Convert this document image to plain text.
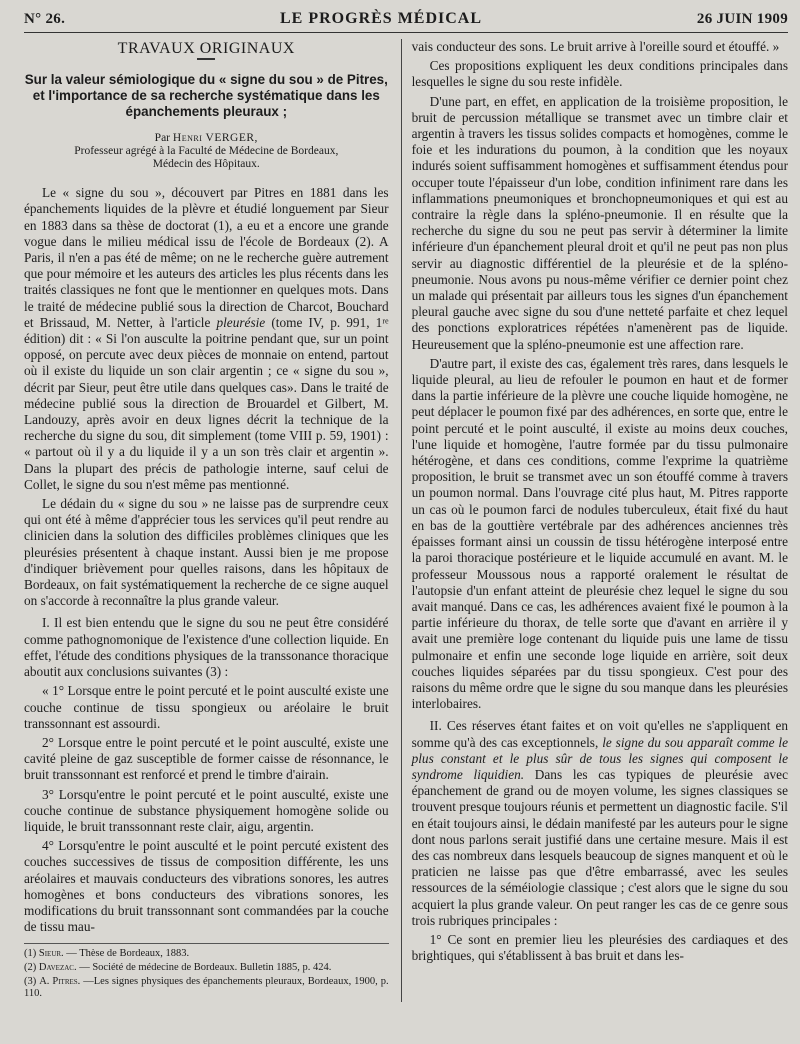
N° 26.	LE PROGRÈS MÉDICAL	26 JUIN 1909
TRAVAUX ORIGINAUX
Sur la valeur sémiologique du « signe du sou » de Pitres, et l'importance de sa recherche systématique dans les épanchements pleuraux ;
Par Henri VERGER,
Professeur agrégé à la Faculté de Médecine de Bordeaux,
Médecin des Hôpitaux.

Le « signe du sou », découvert par Pitres en 1881 dans les épanchements liquides de la plèvre et étudié longuement par Sieur en 1883 dans sa thèse de doctorat (1), a eu et a encore une grande vogue dans le milieu médical issu de l'école de Bordeaux (2). A Paris, il n'en a pas été de même; on ne le recherche guère autrement que pour mémoire et les auteurs des articles les plus récents dans les traités classiques ne font que le mentionner en quelques mots. Dans le traité de médecine publié sous la direction de Charcot, Bouchard et Brissaud, M. Netter, à l'article pleurésie (tome IV, p. 991, 1ʳᵉ édition) dit : « Si l'on ausculte la poitrine pendant que, sur un point opposé, on percute avec deux pièces de monnaie on entend, partout où il existe du liquide un son clair argentin ; ce « signe du sou », décrit par Sieur, peut être utile dans quelques cas». Dans le traité de médecine publié sous la direction de Brouardel et Gilbert, M. Landouzy, après avoir en deux lignes décrit la technique de la recherche du signe du sou, dit simplement (tome VIII p. 59, 1901) : « partout où il y a du liquide il y a un son très clair et argentin ». Dans la plupart des précis de pathologie interne, sauf celui de Collet, le signe du sou n'est même pas mentionné.

Le dédain du « signe du sou » ne laisse pas de surprendre ceux qui ont été à même d'apprécier tous les services qu'il peut rendre au clinicien dans la solution des difficiles problèmes cliniques que les pleurésies présentent à chaque instant. Aussi bien je me propose d'indiquer brièvement pour quelles raisons, dans les hôpitaux de Bordeaux, on fait systématiquement la recherche de ce signe auquel on s'accorde à reconnaître la plus grande valeur.

I. Il est bien entendu que le signe du sou ne peut être considéré comme pathognomonique de l'existence d'une collection liquide. En effet, l'étude des conditions physiques de la transsonance thoracique aboutit aux conclusions suivantes (3) :

« 1° Lorsque entre le point percuté et le point ausculté existe une couche continue de tissu spongieux ou aréolaire le bruit transsonnant est assourdi.

2° Lorsque entre le point percuté et le point ausculté, existe une cavité pleine de gaz susceptible de former caisse de résonnance, le bruit transsonnant est renforcé et prend le timbre d'airain.

3° Lorsqu'entre le point percuté et le point ausculté, existe une couche continue de substance physiquement homogène solide ou liquide, le bruit transsonnant reste clair, aigu, argentin.

4° Lorsqu'entre le point ausculté et le point percuté existent des couches successives de tissus de composition différente, les uns aréolaires et mauvais conducteurs des vibrations sonores, les autres homogènes et bons conducteurs des vibrations sonores, les modifications du bruit transsonnant sont commandées par la couche de tissu mau-

(1) Sieur. — Thèse de Bordeaux, 1883.
(2) Davezac. — Société de médecine de Bordeaux. Bulletin 1885, p. 424.
(3) A. Pitres. —Les signes physiques des épanchements pleuraux, Bordeaux, 1900, p. 110.

vais conducteur des sons. Le bruit arrive à l'oreille sourd et étouffé. »

Ces propositions expliquent les deux conditions principales dans lesquelles le signe du sou reste infidèle.

D'une part, en effet, en application de la troisième proposition, le bruit de percussion métallique se transmet avec un timbre clair et argentin à travers les tissus solides compacts et homogènes, comme le foie et les indurations du poumon, à la condition que les noyaux indurés soient suffisamment homogènes et suffisamment étendus pour occuper toute l'épaisseur d'un lobe, condition infiniment rare dans les inflammations pneumoniques et bronchopneumoniques et qui est au contraire la règle dans la spléno-pneumonie. Il en résulte que la recherche du signe du sou ne peut pas servir à déterminer la limite inférieure d'un épanchement pleural droit et qu'il ne peut pas non plus servir au diagnostic différentiel de la pleurésie et de la spléno-pneumonie. Nous avons pu nous-même vérifier ce dernier point chez un malade qui présentait par ailleurs tous les signes d'un épanchement pleural gauche avec signe du sou d'une netteté parfaite et chez lequel des ponctions exploratrices répétées n'amenèrent pas de liquide. Heureusement que la spléno-pneumonie est une affection rare.

D'autre part, il existe des cas, également très rares, dans lesquels le liquide pleural, au lieu de refouler le poumon en haut et de former dans la partie inférieure de la plèvre une couche liquide homogène, ne peut déplacer le poumon fixé par des adhérences, en sorte que, entre le point percuté et le point ausculté, il existe au moins deux couches, l'une liquide et homogène, l'autre formée par du tissu pulmonaire hétérogène, et dans ces conditions, comme l'exprime la quatrième proposition, le bruit se transmet avec un son étouffé comme à travers un poumon normal. Dans l'ouvrage cité plus haut, M. Pitres rapporte un cas où le poumon farci de nodules tuberculeux, était fixé du haut en bas de la gouttière vertébrale par des adhérences anciennes très épaisses formant ainsi un coussin de tissu hétérogène interposé entre la paroi thoracique postérieure et le liquide accumulé en avant. M. le professeur Moussous nous a rapporté oralement le résultat de l'autopsie d'un enfant atteint de pleurésie chez lequel le signe du sou avait manqué. Dans ce cas, les adhérences avaient fixé le poumon à la partie inférieure du thorax, de telle sorte que d'avant en arrière il y avait une première loge contenant du liquide puis une lame de tissu pulmonaire et enfin une seconde loge liquide en arrière, soit deux couches liquides séparées par du tissu spongieux. C'est pour des raisons du même ordre que le signe du sou manque dans les pleurésies interlobaires.

II. Ces réserves étant faites et on voit qu'elles ne s'appliquent en somme qu'à des cas exceptionnels, le signe du sou apparaît comme le plus constant et le plus sûr de tous les signes qui composent le syndrome liquidien. Dans les cas typiques de pleurésie avec épanchement de grand ou de moyen volume, les signes classiques se trouvent presque toujours réunis et permettent un diagnostic facile. S'il en était toujours ainsi, le dédain manifesté par les auteurs pour le signe dont nous parlons serait justifié dans une certaine mesure. Mais il est des cas nombreux dans lesquels beaucoup de signes manquent et où le praticien ne laisse pas que d'être embarrassé, avec les seules ressources de la séméiologie classique ; c'est alors que le signe du sou acquiert la plus grande valeur. On peut ranger les cas de ce genre sous trois rubriques principales :

1° Ce sont en premier lieu les pleurésies des cardiaques et des brightiques, qui s'établissent à bas bruit et dans les-
